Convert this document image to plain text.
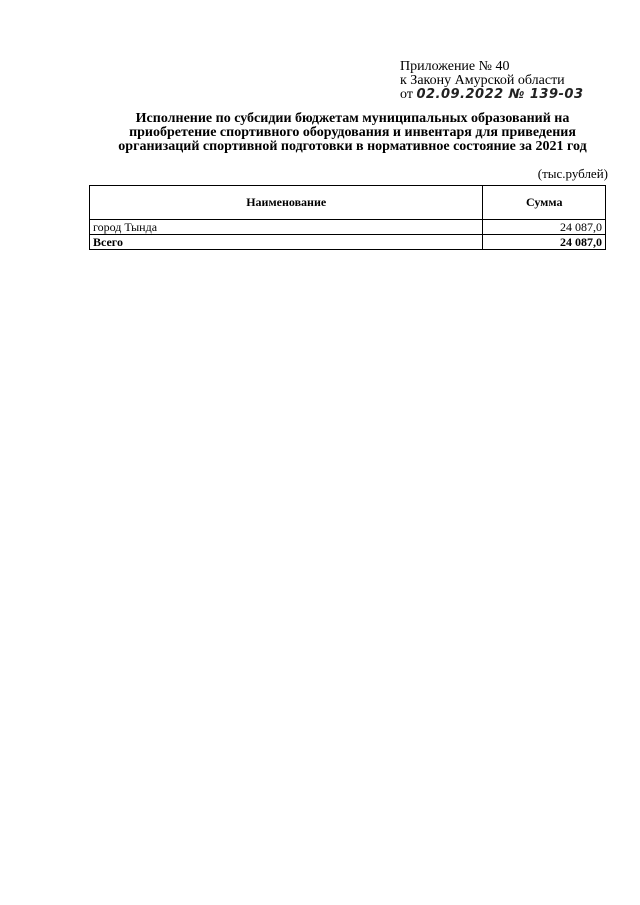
Приложение № 40
к Закону Амурской области
от 02.09.2022 № 139-03
Исполнение по субсидии бюджетам муниципальных образований на
приобретение спортивного оборудования и инвентаря для приведения
организаций спортивной подготовки в нормативное состояние за 2021 год
(тыс.рублей)
Наименование	Сумма
город Тында	24 087,0
Всего	24 087,0
